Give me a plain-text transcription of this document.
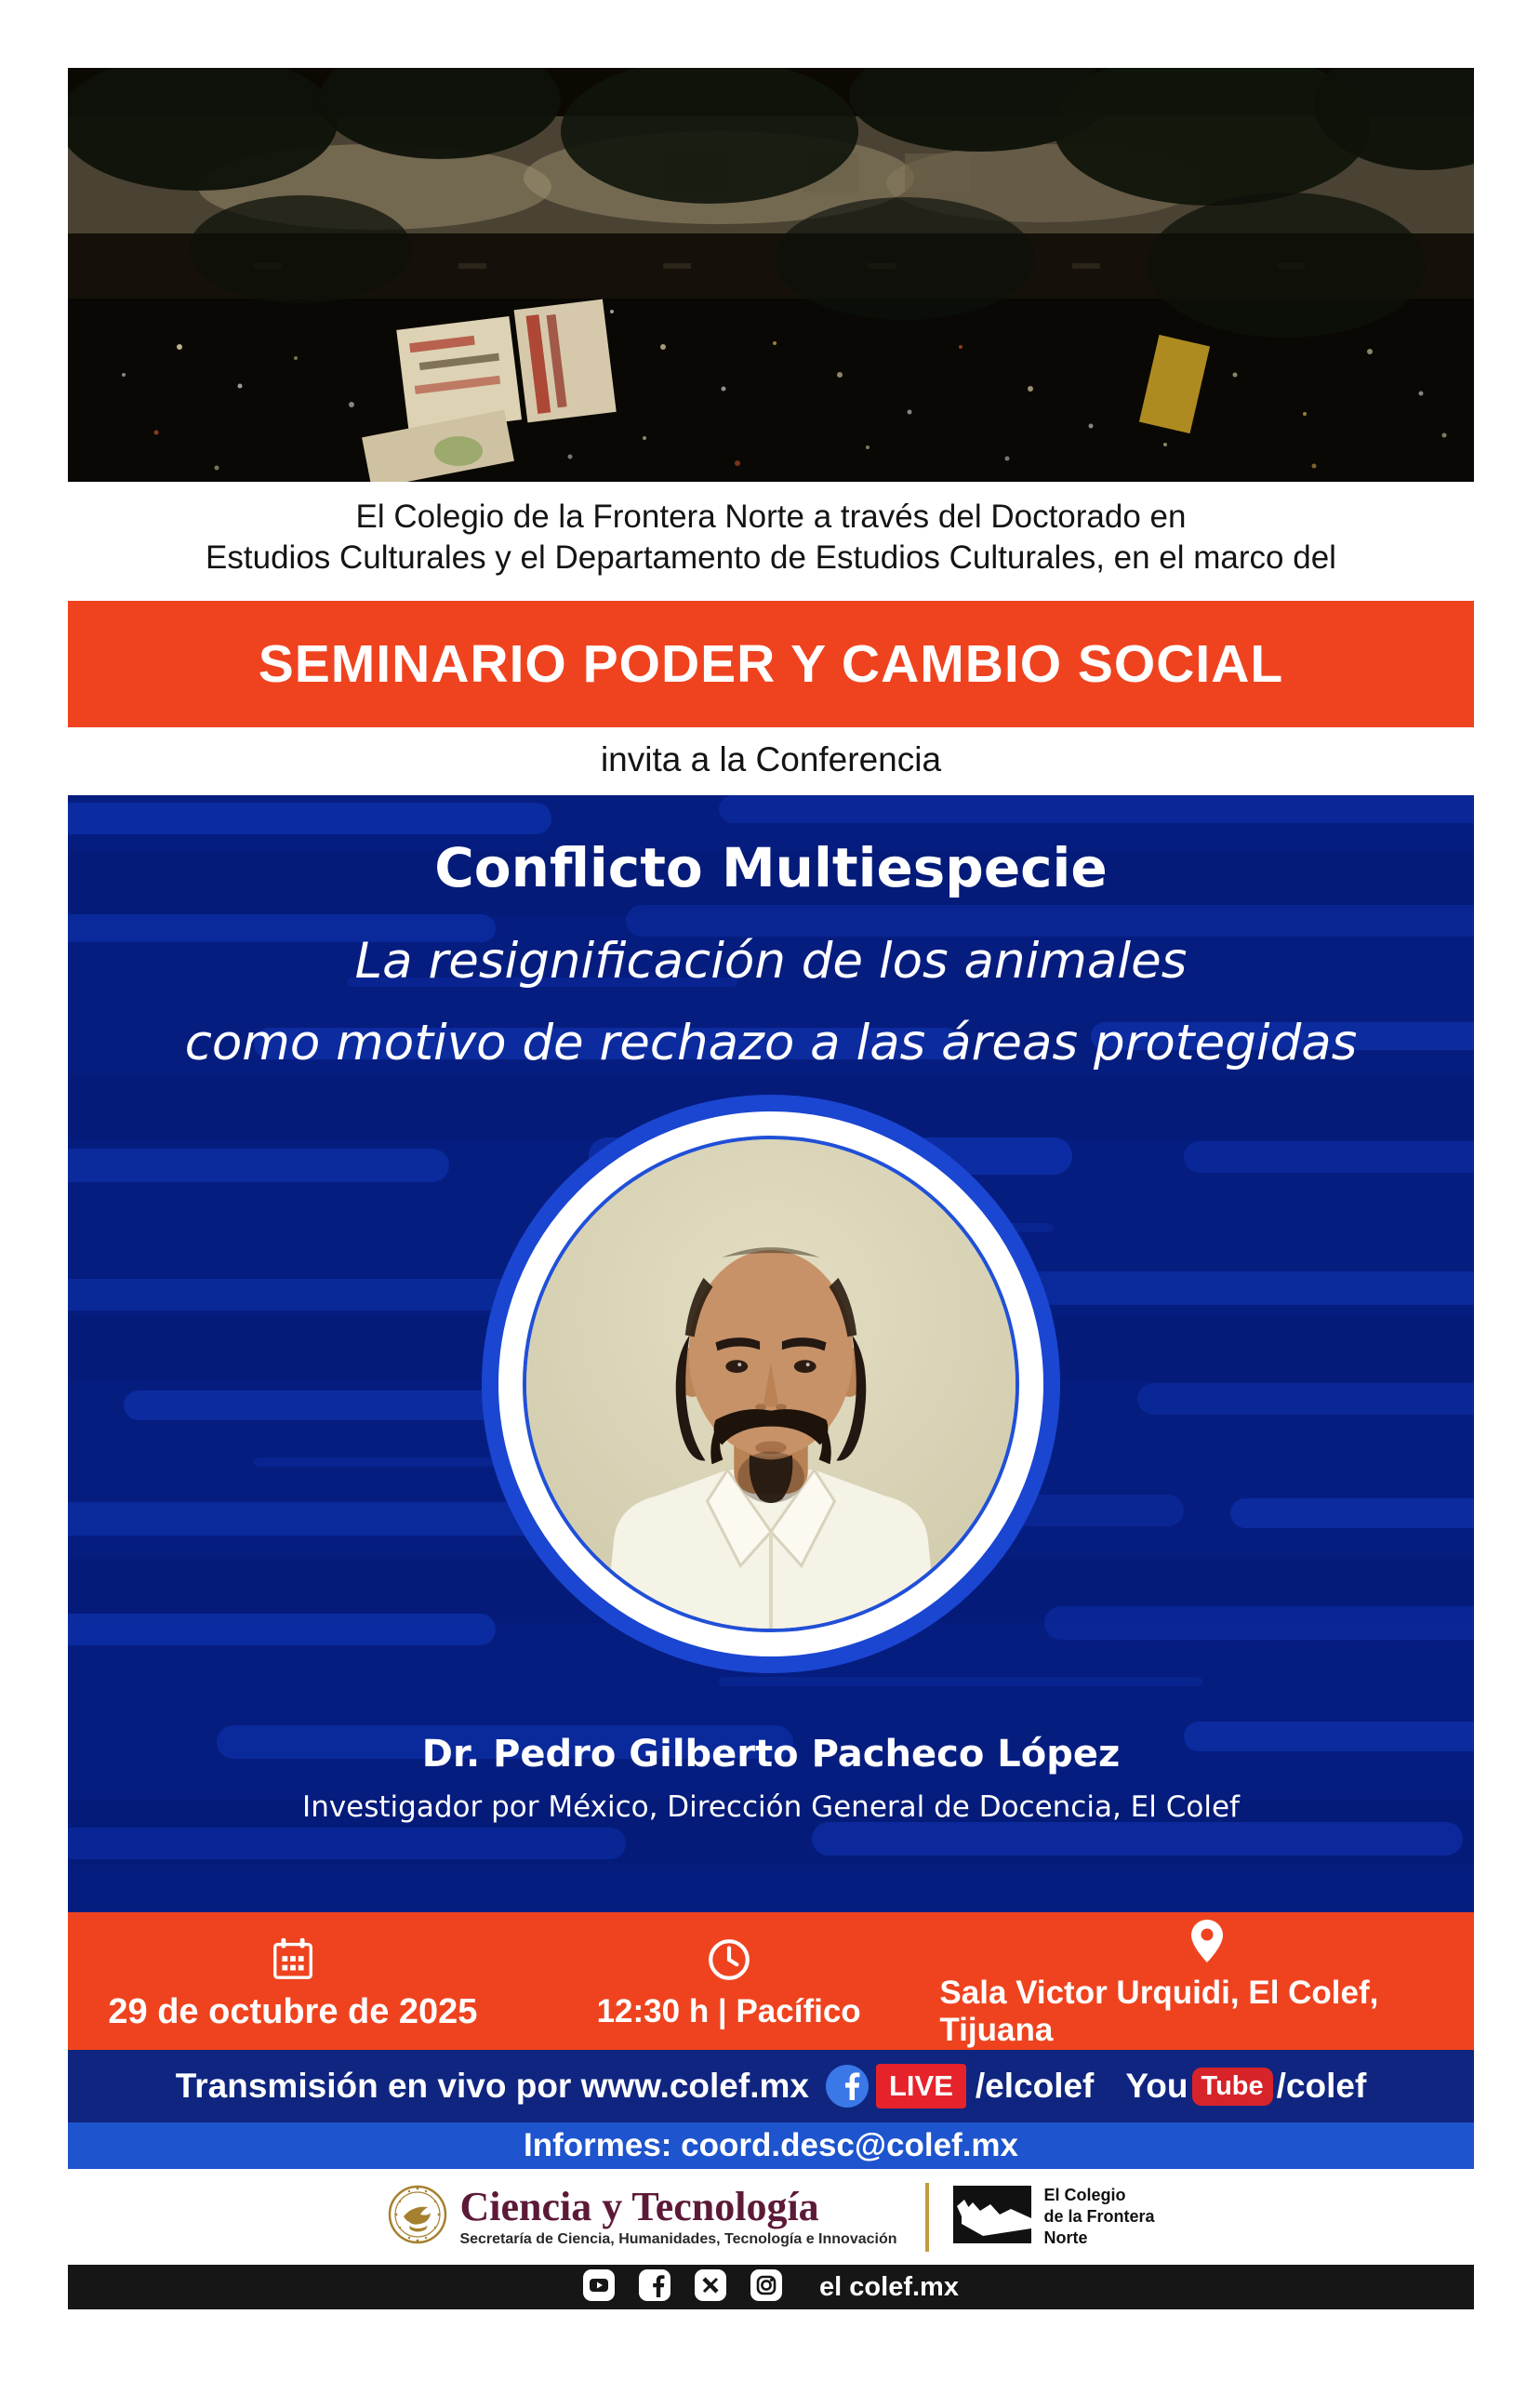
El Colegio de la Frontera Norte a través del Doctorado en
Estudios Culturales y el Departamento de Estudios Culturales, en el marco del
SEMINARIO PODER Y CAMBIO SOCIAL
invita a la Conferencia
Conflicto Multiespecie
La resignificación de los animales
como motivo de rechazo a las áreas protegidas
Dr. Pedro Gilberto Pacheco López
Investigador por México, Dirección General de Docencia, El Colef
29 de octubre de 2025	12:30 h | Pacífico
Sala Victor Urquidi, El Colef, Tijuana
Transmisión en vivo por www.colef.mx	LIVE /elcolef You Tube /colef
Informes: coord.desc@colef.mx
Ciencia y Tecnología
Secretaría de Ciencia, Humanidades, Tecnología e Innovación
El Colegio
de la Frontera
Norte
el colef.mx
